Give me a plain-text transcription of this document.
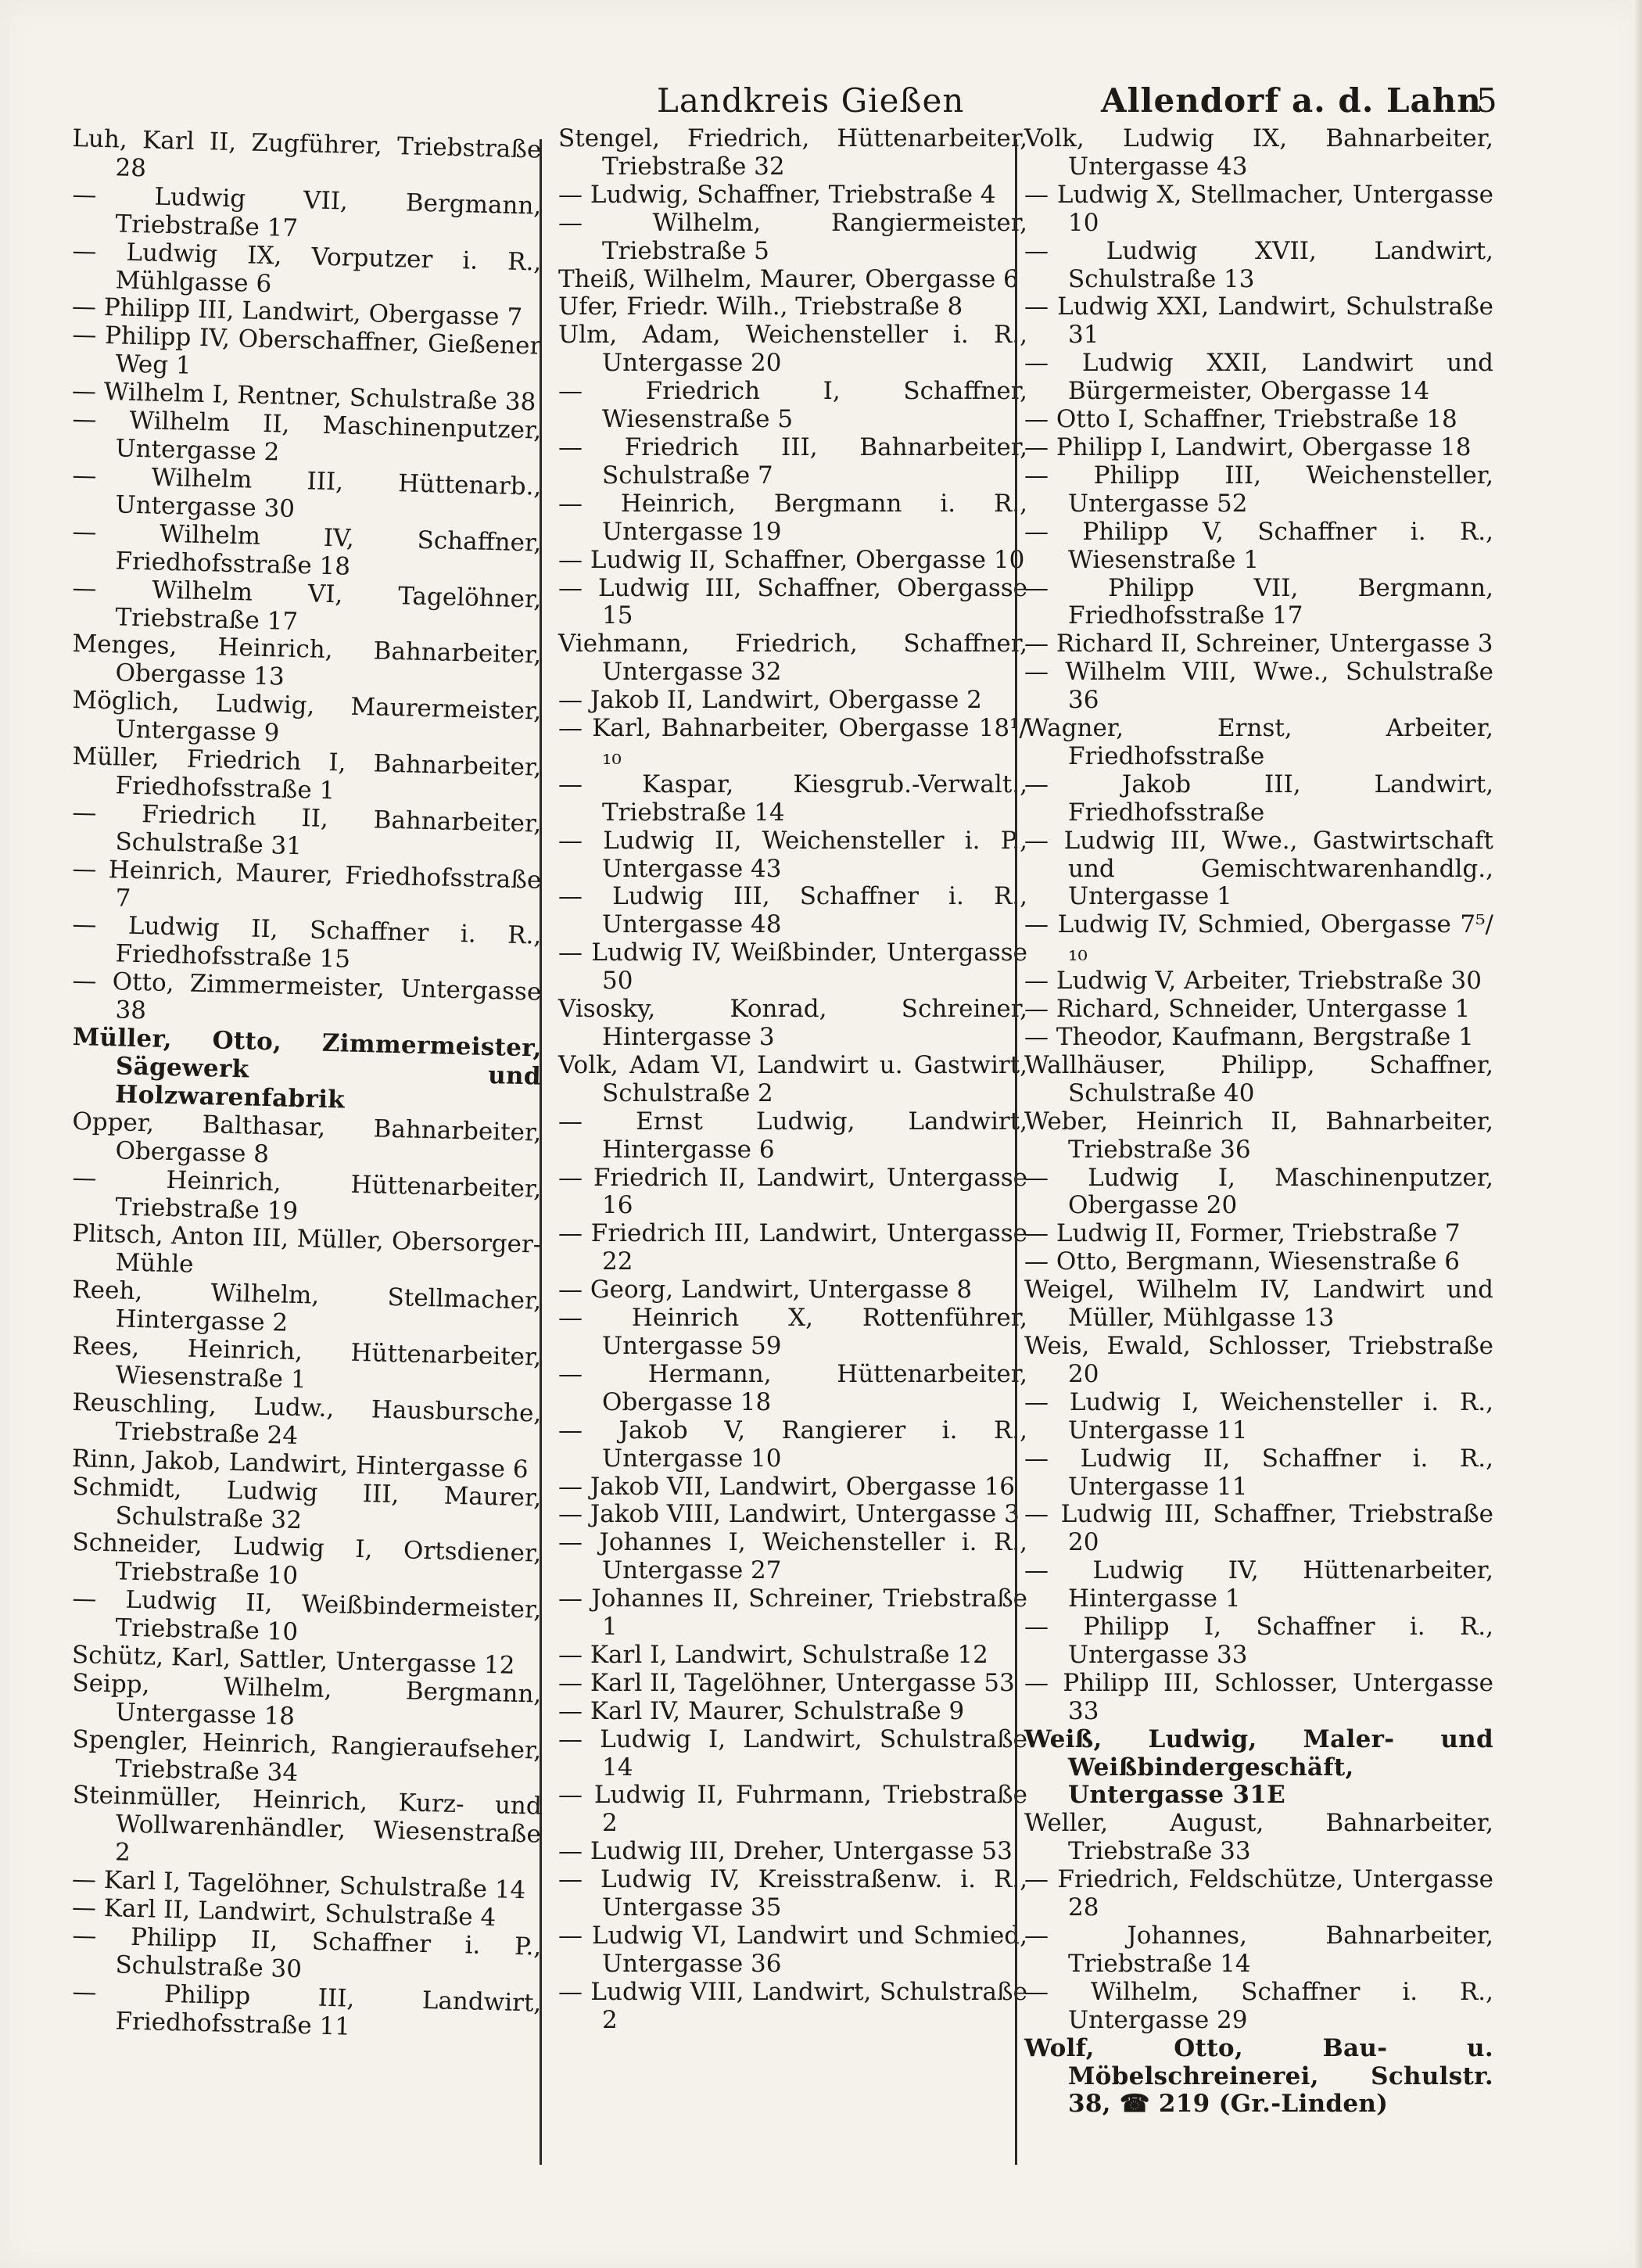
Landkreis Gießen	Allendorf a. d. Lahn
5

Luh, Karl II, Zugführer, Triebstraße 28

— Ludwig VII, Bergmann, Triebstraße 17

— Ludwig IX, Vorputzer i. R., Mühlgasse 6

— Philipp III, Landwirt, Obergasse 7

— Philipp IV, Oberschaffner, Gießener Weg 1

— Wilhelm I, Rentner, Schulstraße 38

— Wilhelm II, Maschinenputzer, Untergasse 2

— Wilhelm III, Hüttenarb., Untergasse 30

— Wilhelm IV, Schaffner, Friedhofsstraße 18

— Wilhelm VI, Tagelöhner, Triebstraße 17

Menges, Heinrich, Bahnarbeiter, Obergasse 13

Möglich, Ludwig, Maurermeister, Untergasse 9

Müller, Friedrich I, Bahnarbeiter, Friedhofsstraße 1

— Friedrich II, Bahnarbeiter, Schulstraße 31

— Heinrich, Maurer, Friedhofsstraße 7

— Ludwig II, Schaffner i. R., Friedhofsstraße 15

— Otto, Zimmermeister, Untergasse 38

Müller, Otto, Zimmermeister, Sägewerk und Holzwarenfabrik

Opper, Balthasar, Bahnarbeiter, Obergasse 8

— Heinrich, Hüttenarbeiter, Triebstraße 19

Plitsch, Anton III, Müller, Obersorger-Mühle

Reeh, Wilhelm, Stellmacher, Hintergasse 2

Rees, Heinrich, Hüttenarbeiter, Wiesenstraße 1

Reuschling, Ludw., Hausbursche, Triebstraße 24

Rinn, Jakob, Landwirt, Hintergasse 6

Schmidt, Ludwig III, Maurer, Schulstraße 32

Schneider, Ludwig I, Ortsdiener, Triebstraße 10

— Ludwig II, Weißbindermeister, Triebstraße 10

Schütz, Karl, Sattler, Untergasse 12

Seipp, Wilhelm, Bergmann, Untergasse 18

Spengler, Heinrich, Rangieraufseher, Triebstraße 34

Steinmüller, Heinrich, Kurz- und Wollwarenhändler, Wiesenstraße 2

— Karl I, Tagelöhner, Schulstraße 14

— Karl II, Landwirt, Schulstraße 4

— Philipp II, Schaffner i. P., Schulstraße 30

— Philipp III, Landwirt, Friedhofsstraße 11

Stengel, Friedrich, Hüttenarbeiter, Triebstraße 32

— Ludwig, Schaffner, Triebstraße 4

— Wilhelm, Rangiermeister, Triebstraße 5

Theiß, Wilhelm, Maurer, Obergasse 6

Ufer, Friedr. Wilh., Triebstraße 8

Ulm, Adam, Weichensteller i. R., Untergasse 20

— Friedrich I, Schaffner, Wiesenstraße 5

— Friedrich III, Bahnarbeiter, Schulstraße 7

— Heinrich, Bergmann i. R., Untergasse 19

— Ludwig II, Schaffner, Obergasse 10

— Ludwig III, Schaffner, Obergasse 15

Viehmann, Friedrich, Schaffner, Untergasse 32

— Jakob II, Landwirt, Obergasse 2

— Karl, Bahnarbeiter, Obergasse 18¹/₁₀

— Kaspar, Kiesgrub.-Verwalt., Triebstraße 14

— Ludwig II, Weichensteller i. P., Untergasse 43

— Ludwig III, Schaffner i. R., Untergasse 48

— Ludwig IV, Weißbinder, Untergasse 50

Visosky, Konrad, Schreiner, Hintergasse 3

Volk, Adam VI, Landwirt u. Gastwirt, Schulstraße 2

— Ernst Ludwig, Landwirt, Hintergasse 6

— Friedrich II, Landwirt, Untergasse 16

— Friedrich III, Landwirt, Untergasse 22

— Georg, Landwirt, Untergasse 8

— Heinrich X, Rottenführer, Untergasse 59

— Hermann, Hüttenarbeiter, Obergasse 18

— Jakob V, Rangierer i. R., Untergasse 10

— Jakob VII, Landwirt, Obergasse 16

— Jakob VIII, Landwirt, Untergasse 3

— Johannes I, Weichensteller i. R., Untergasse 27

— Johannes II, Schreiner, Triebstraße 1

— Karl I, Landwirt, Schulstraße 12

— Karl II, Tagelöhner, Untergasse 53

— Karl IV, Maurer, Schulstraße 9

— Ludwig I, Landwirt, Schulstraße 14

— Ludwig II, Fuhrmann, Triebstraße 2

— Ludwig III, Dreher, Untergasse 53

— Ludwig IV, Kreisstraßenw. i. R., Untergasse 35

— Ludwig VI, Landwirt und Schmied, Untergasse 36

— Ludwig VIII, Landwirt, Schulstraße 2

Volk, Ludwig IX, Bahnarbeiter, Untergasse 43

— Ludwig X, Stellmacher, Untergasse 10

— Ludwig XVII, Landwirt, Schulstraße 13

— Ludwig XXI, Landwirt, Schulstraße 31

— Ludwig XXII, Landwirt und Bürgermeister, Obergasse 14

— Otto I, Schaffner, Triebstraße 18

— Philipp I, Landwirt, Obergasse 18

— Philipp III, Weichensteller, Untergasse 52

— Philipp V, Schaffner i. R., Wiesenstraße 1

— Philipp VII, Bergmann, Friedhofsstraße 17

— Richard II, Schreiner, Untergasse 3

— Wilhelm VIII, Wwe., Schulstraße 36

Wagner, Ernst, Arbeiter, Friedhofsstraße

— Jakob III, Landwirt, Friedhofsstraße

— Ludwig III, Wwe., Gastwirtschaft und Gemischtwarenhandlg., Untergasse 1

— Ludwig IV, Schmied, Obergasse 7⁵/₁₀

— Ludwig V, Arbeiter, Triebstraße 30

— Richard, Schneider, Untergasse 1

— Theodor, Kaufmann, Bergstraße 1

Wallhäuser, Philipp, Schaffner, Schulstraße 40

Weber, Heinrich II, Bahnarbeiter, Triebstraße 36

— Ludwig I, Maschinenputzer, Obergasse 20

— Ludwig II, Former, Triebstraße 7

— Otto, Bergmann, Wiesenstraße 6

Weigel, Wilhelm IV, Landwirt und Müller, Mühlgasse 13

Weis, Ewald, Schlosser, Triebstraße 20

— Ludwig I, Weichensteller i. R., Untergasse 11

— Ludwig II, Schaffner i. R., Untergasse 11

— Ludwig III, Schaffner, Triebstraße 20

— Ludwig IV, Hüttenarbeiter, Hintergasse 1

— Philipp I, Schaffner i. R., Untergasse 33

— Philipp III, Schlosser, Untergasse 33

Weiß, Ludwig, Maler- und Weißbindergeschäft, Untergasse 31E

Weller, August, Bahnarbeiter, Triebstraße 33

— Friedrich, Feldschütze, Untergasse 28

— Johannes, Bahnarbeiter, Triebstraße 14

— Wilhelm, Schaffner i. R., Untergasse 29

Wolf, Otto, Bau- u. Möbelschreinerei, Schulstr. 38, ☎ 219 (Gr.-Linden)
